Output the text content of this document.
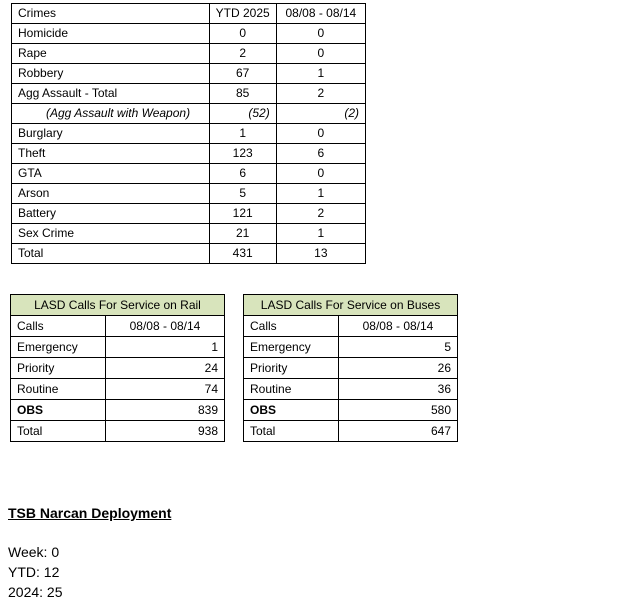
Crimes	YTD 2025	08/08 - 08/14
Homicide	0	0
Rape	2	0
Robbery	67	1
Agg Assault - Total	85	2
(Agg Assault with Weapon)	(52)	(2)
Burglary	1	0
Theft	123	6
GTA	6	0
Arson	5	1
Battery	121	2
Sex Crime	21	1
Total	431	13
LASD Calls For Service on Rail	
Calls	08/08 - 08/14
Emergency	1
Priority	24
Routine	74
OBS	839
Total	938
LASD Calls For Service on Buses	
Calls	08/08 - 08/14
Emergency	5
Priority	26
Routine	36
OBS	580
Total	647
TSB Narcan Deployment
Week: 0
YTD: 12
2024: 25
